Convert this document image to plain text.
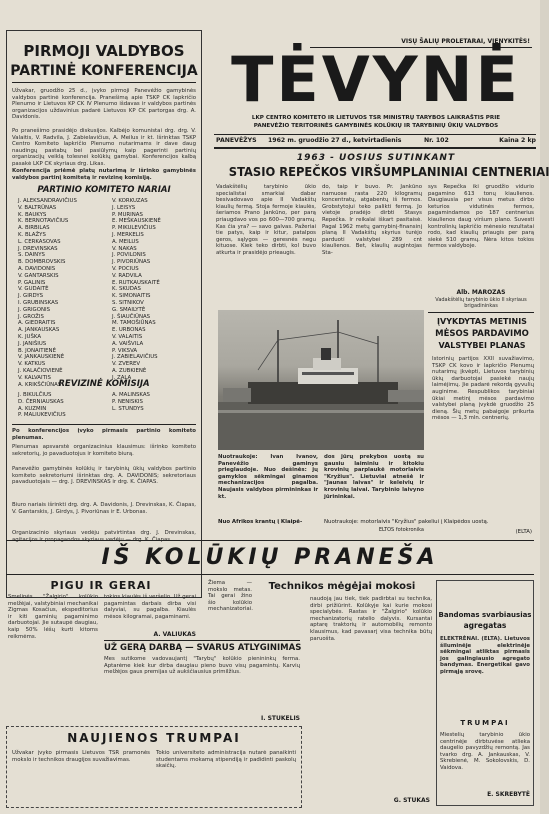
PIRMOJI VALDYBOS
PARTINĖ KONFERENCIJA
Užvakar, gruodžio 25 d., įvyko pirmoji Panevėžio gamybinės valdybos partinė konferencija. Pranešimą apie TSKP CK lapkričio Plenumo ir Lietuvos KP CK IV Plenumo išdavas ir valdybos partinės organizacijos uždavinius padarė Lietuvos KP CK partorgas drg. A. Davidonis.
Po pranešimo prasidėjo diskusijos. Kalbėjo komunistai drg. drg. V. Valaitis, V. Radvila, J. Zabielavičius, A. Meilus ir kt. Išrinktas TSKP Centro Komiteto lapkričio Plenumo nutarimams ir dave daug naudingų pastabų bei pasiūlymų kaip pagerinti partinių organizacijų veiklą tolesnei kolūkių gamybai. Konferencijos kalbą pasakė LKP CK skyriaus drg. Likas.
Konferencija priėmė platų nutarimą ir išrinko gamybinės valdybos partinį komitetą ir revizinę komisiją.
PARTINIO KOMITETO NARIAI
J. ALEKSANDRAVIČIUS
V. BALTRŪNAS
K. BAUKYS
K. BERNOTAVIČIUS
A. BIRBILAS
K. BLAŽYS
L. CERKASOVAS
J. DREVINSKAS
S. DAINYS
B. DOMBROVSKIS
A. DAVIDONIS
V. GANTARSKIS
P. GALINIS
V. GUDAITĖ
J. GIRDYS
I. GRUBINSKAS
J. GRIGONIS
J. GROŽIS
A. GIEDRAITIS
A. JANKAUSKAS
K. JUŠKA
J. JANIŠIUS
B. JONAITIENĖ
V. JANKAUSKIENĖ
V. KATKUS
J. KALAČIOVIENĖ
V. KALVAITIS
A. KRIKŠČIŪNAS
V. KORKUZAS
J. LEISYS
P. MURINAS
E. MEŠKAUSKIENĖ
P. MIKULEVIČIUS
J. MERKELIS
A. MEILUS
V. NAKAS
J. POVILONIS
J. PIVORIŪNAS
V. POCIUS
V. RADVILA
E. RUTKAUSKAITĖ
K. SKUDAS
K. SIMONAITIS
S. SITNIKOV
G. SMAILYTĖ
J. ŠIAUČIŪNAS
M. TAMOŠIŪNAS
E. URBONAS
V. VALAITIS
A. VAIŠVILA
P. VIKSVA
J. ZABIELAVIČIUS
V. ZVEREV
A. ZUBKIENĖ
J. ZALA
REVIZINĖ KOMISIJA
J. BIKULČIUS
D. ČERNIAUSKAS
A. KUZMIN
P. MALIUKEVIČIUS
A. MALINSKAS
P. NENISKIS
L. STUNDYS
Po konferencijos įvyko pirmasis partinio komiteto plenumas.
Plenumas apsvarstė organizacinius klausimus: išrinko komiteto sekretorių, jo pavaduotojus ir komiteto biurą.
Panevėžio gamybinės kolūkių ir tarybinių ūkių valdybos partinio komiteto sekretoriumi išrinktas drg. A. DAVIDONIS; sekretoriaus pavaduotojais — drg. J. DREVINSKAS ir drg. K. ČIAPAS.
Biuro nariais išrinkti drg. drg. A. Davidonis, J. Drevinskas, K. Čiapas, V. Gantarskis, J. Girdys, J. Pivoriūnas ir E. Urbonas.
Organizacinio skyriaus vedėju patvirtintas drg. J. Drevinskas,
VISŲ ŠALIŲ PROLETARAI, VIENYKITĖS!
TĖVYNĖ
LKP CENTRO KOMITETO IR LIETUVOS TSR MINISTRŲ TARYBOS LAIKRAŠTIS PRIE
PANEVĖŽIO TERITORINĖS GAMYBINĖS KOLŪKIŲ IR TARYBINIŲ ŪKIŲ VALDYBOS
PANEVĖŽYS	1962 m. gruodžio 27 d., ketvirtadienis	Nr. 102	Kaina 2 kp
1963 - UOSIUS SUTINKANT
STASIO REPEČKOS VIRŠUMPLANINIAI CENTNERIAI
Vadakštėlių tarybinio ūkio specialistai smarkiai dabar besivadovavo apie II Vadakštų kiaulių fermą. Stoja fermoje kiaulės, šeriamos Prano Jankūno, per parą priaugdavo vos po 600—700 gramų. Kas čia yra? — savo galvas. Pažeriai tie patys, kaip ir kitur, patalpos geros, sąlygos — geresnės negu kituose. Kiek teko dirbti, kol buvo atkurta ir prasidėjo prieaugis.
do, taip ir buvo. Pr. Jankūno namuose rasta 220 kilogramų koncentratų, atgabentų iš fermos. Grobstytojui teko palikti fermą. Jo vietoje pradėjo dirbti Stasys Repečka. Ir reikalai iškart pasitaisė. Pagal 1962 metų gamybinį-finansinį planą II Vadakštų skyrius turėjo parduoti valstybei 289 cnt kiaulienos. Bet, klaulių augintojas Sta-
sys Repečka iki gruodžio vidurio pagamino 613 tonų kiaulienos. Daugiausia per visus metus dirbo keturios vidutinės fermos, pagamindamos po 187 centnerius kiaulienos daug viršum plano. Suvesti kontrolinių lapkričio mėnesio rezultatai rodo, kad kiaulių priaugis per parą siekė 510 gramų. Nėra kitos tokios fermos valdyboje.
Alb. MAROZAS
Vadakštėlių tarybinio ūkio II skyriaus brigadininkas
Nuotraukoje: Ivan Ivanov, Panevėžio gaminys prieglaudoje. Nuo dešinės: jų gamyklos sėkmingai ginamos mechanizacijos pagalba. Naujasis valdybos pirmininkas ir kt.
dos jūrų prekybos uostą su gausiu laiminiu ir kitokiu krovinių parplaukė motorlaivis "Kryžius". Lietuviai atnešė ir "Jaunas laivas" ir keleivių ir krovinių laivai. Tarybinio laivyno jūrininkai.
Nuo Afrikos krantų į Klaipė-	Nuotraukoje: motorlaivis "Kryžius" pakeliui į Klaipėdos uostą.
ELTOS fotokronika
ĮVYKDYTAS METINIS
MĖSOS PARDAVIMO
VALSTYBEI PLANAS
Istorinių partijos XXII suvažiavimo, TSKP CK kovo ir lapkričio Plenumų nutarimų įkvėpti, Lietuvos tarybinių ūkių darbuotojai pasiekė naujų laimėjimų. Jie padarė rekordą gyvulių auginime. Respublikos tarybiniai ūkiai metinį mėsos pardavimo valstybei planą įvykdė gruodžio 25 dieną. Šių metų pabaigoje prikurta mėsos — 1,3 mln. centnerių.
(ELTA)
IŠ KOLŪKIŲ PRANEŠA
PIGU IR GERAI
Smelinės "Žalgirio" kolūkio melžėjai, valstybiniai mechanikai Zigmas Kosačius, ekspeditorius ir kiti gaminių pagaminimo darbuotojai. Jie sutaupė daugiau, kaip 50% lėšų kurti kitoms reikmėms.
tokios kiaulės iš veršelio. Už gerai pagamintas darbais dirba visi dalyviai, su pagalba. Kiaulės mėsos kilogramai, pagaminami.
A. VALIUKAS
UŽ GERĄ DARBĄ — SVARUS ATLYGINIMAS
Mes sutikome vadovaujantį "Tarybų" kolūkio pienininkų ferma. Aptarėme kiek kur dirba daugiau pieno buvo visų pagamintų. Karvių melžėjos gaus premijas už aukščiausius primilžius.
I. STUKELIS
Žiema — mokslo metas. Tai gerai žino šio kolūkio mechanizatoriai.
Technikos mėgėjai mokosi
naudoją jau tiek, tiek padirbtai su technika, dirbi prižiūrint. Kolūkyje kai kurie mokosi specialybės. Rastas ir "Žalgirio" kolūkio mechanizatorių ratelio dalyvis. Kursantai aptarę traktorių ir automobilių remonto klausimus, kad pavasarį visa technika būtų paruošta.
G. STUKAS
Bandomas svarbiausias
agregatas
ELEKTRĖNAI. (ELTA). Lietuvos šiluminėje elektrinėje sėkmingai atliktas pirmasis jos galingiausio agregato bandymas. Energetikai gavo pirmąją srovę.
TRUMPAI
Miestelių tarybinio ūkio centrinėje dirbtuvėse atlieka daugelio pavyzdžių remontą. Jas tvarko drg. A. Jankauskas, V. Skrebienė, M. Sokolovskis, D. Vaidova.
E. SKREBYTĖ
NAUJIENOS TRUMPAI
Užvakar įvyko pirmasis Lietuvos TSR pramonės mokslo ir technikos draugijos suvažiavimas.
Tokio universiteto administracija nutarė panaikinti studentams mokamą stipendiją ir padidinti paskolų skaičių.
